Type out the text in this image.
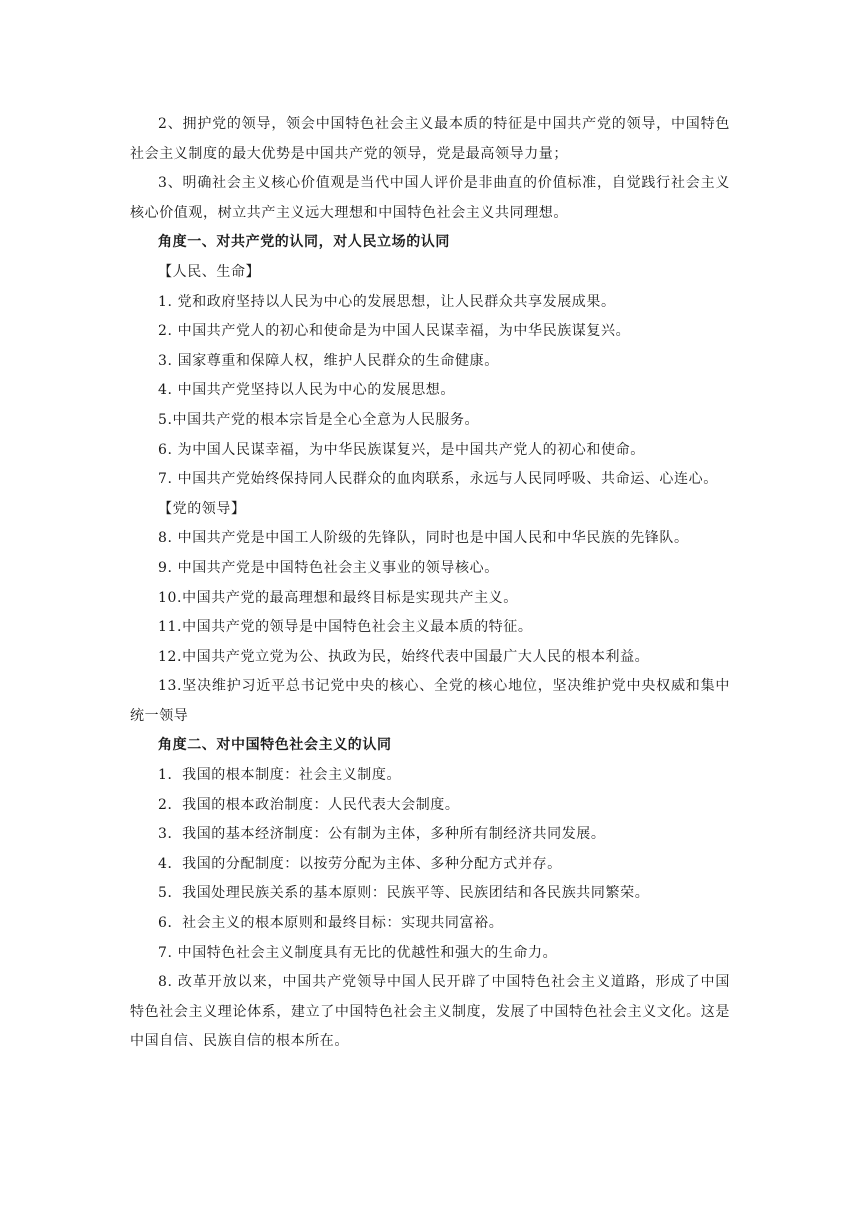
2、拥护党的领导，领会中国特色社会主义最本质的特征是中国共产党的领导，中国特色社会主义制度的最大优势是中国共产党的领导，党是最高领导力量；

3、明确社会主义核心价值观是当代中国人评价是非曲直的价值标准，自觉践行社会主义核心价值观，树立共产主义远大理想和中国特色社会主义共同理想。

角度一、对共产党的认同，对人民立场的认同

【人民、生命】

1. 党和政府坚持以人民为中心的发展思想，让人民群众共享发展成果。

2. 中国共产党人的初心和使命是为中国人民谋幸福，为中华民族谋复兴。

3. 国家尊重和保障人权，维护人民群众的生命健康。

4. 中国共产党坚持以人民为中心的发展思想。

5.中国共产党的根本宗旨是全心全意为人民服务。

6. 为中国人民谋幸福，为中华民族谋复兴，是中国共产党人的初心和使命。

7. 中国共产党始终保持同人民群众的血肉联系，永远与人民同呼吸、共命运、心连心。

【党的领导】

8. 中国共产党是中国工人阶级的先锋队，同时也是中国人民和中华民族的先锋队。

9. 中国共产党是中国特色社会主义事业的领导核心。

10.中国共产党的最高理想和最终目标是实现共产主义。

11.中国共产党的领导是中国特色社会主义最本质的特征。

12.中国共产党立党为公、执政为民，始终代表中国最广大人民的根本利益。

13.坚决维护习近平总书记党中央的核心、全党的核心地位，坚决维护党中央权威和集中统一领导

角度二、对中国特色社会主义的认同

1．我国的根本制度：社会主义制度。

2．我国的根本政治制度：人民代表大会制度。

3．我国的基本经济制度：公有制为主体，多种所有制经济共同发展。

4．我国的分配制度：以按劳分配为主体、多种分配方式并存。

5．我国处理民族关系的基本原则：民族平等、民族团结和各民族共同繁荣。

6．社会主义的根本原则和最终目标：实现共同富裕。

7. 中国特色社会主义制度具有无比的优越性和强大的生命力。

8. 改革开放以来，中国共产党领导中国人民开辟了中国特色社会主义道路，形成了中国特色社会主义理论体系，建立了中国特色社会主义制度，发展了中国特色社会主义文化。这是中国自信、民族自信的根本所在。
